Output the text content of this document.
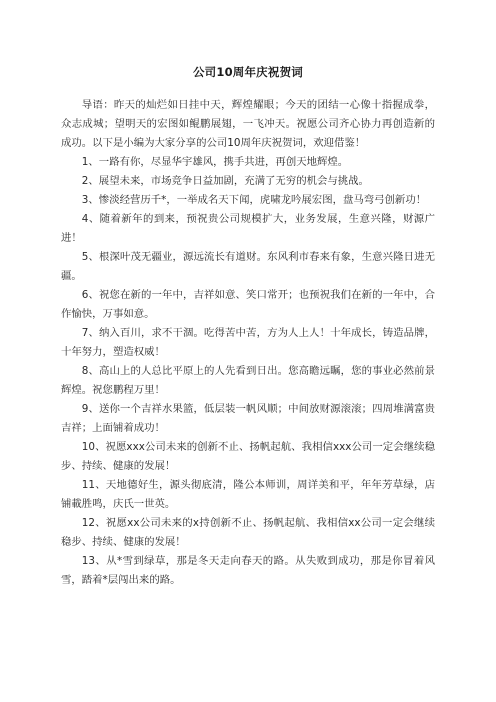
公司10周年庆祝贺词

导语：昨天的灿烂如日挂中天，辉煌耀眼；今天的团结一心像十指握成拳，众志成城；望明天的宏图如鲲鹏展翅，一飞冲天。祝愿公司齐心协力再创造新的成功。以下是小编为大家分享的公司10周年庆祝贺词，欢迎借鉴！

1、一路有你，尽显华宇雄风，携手共进，再创天地辉煌。

2、展望未来，市场竞争日益加剧，充满了无穷的机会与挑战。

3、惨淡经营历千*，一举成名天下闻，虎啸龙吟展宏图，盘马弯弓创新功！

4、随着新年的到来，预祝贵公司规模扩大，业务发展，生意兴隆，财源广进！

5、根深叶茂无疆业，源远流长有道财。东风利市春来有象，生意兴隆日进无疆。

6、祝您在新的一年中，吉祥如意、笑口常开；也预祝我们在新的一年中，合作愉快，万事如意。

7、纳入百川，求不干涸。吃得苦中苦，方为人上人！十年成长，铸造品牌，十年努力，塑造权威！

8、高山上的人总比平原上的人先看到日出。您高瞻远瞩，您的事业必然前景辉煌。祝您鹏程万里！

9、送你一个吉祥水果篮，低层装一帆风顺；中间放财源滚滚；四周堆满富贵吉祥；上面铺着成功！

10、祝愿xxx公司未来的创新不止、扬帆起航、我相信xxx公司一定会继续稳步、持续、健康的发展！

11、天地德好生，源头彻底清，隆公本师训，周详美和平，年年芳草绿，店铺載胜鸣，庆氏一世英。

12、祝愿xx公司未来的x持创新不止、扬帆起航、我相信xx公司一定会继续稳步、持续、健康的发展！

13、从*雪到绿草，那是冬天走向春天的路。从失败到成功，那是你冒着风雪，踏着*层闯出来的路。
